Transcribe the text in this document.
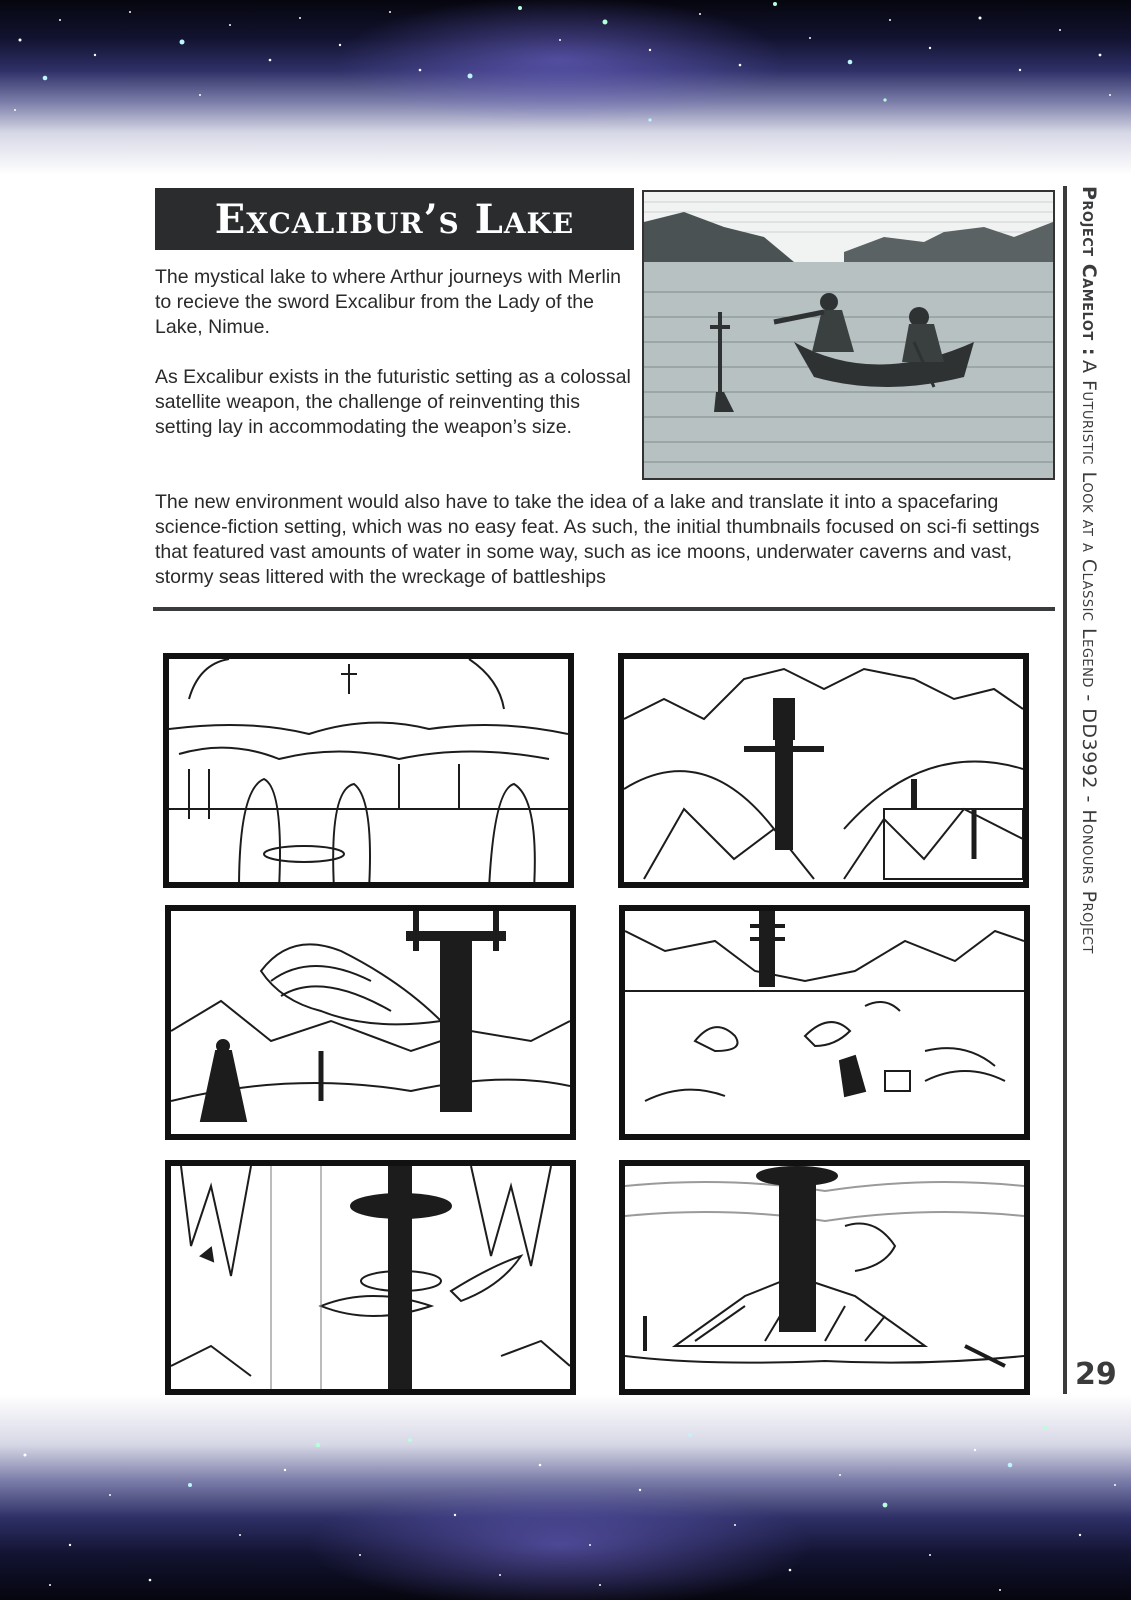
Excalibur’s Lake

The mystical lake to where Arthur journeys with Merlin to recieve the sword Excalibur from the Lady of the Lake, Nimue.

As Excalibur exists in the futuristic setting as a colossal satellite weapon, the challenge of reinventing this setting lay in accommodating the weapon’s size.

The new environment would also have to take the idea of a lake and translate it into a spacefaring science-fiction setting, which was no easy feat. As such, the initial thumbnails focused on sci-fi settings that featured vast amounts of water in some way, such as ice moons, underwater caverns and vast, stormy seas littered with the wreckage of battleships

Project Camelot :
A Futuristic Look at a Classic Legend - DD3992 - Honours Project
29
